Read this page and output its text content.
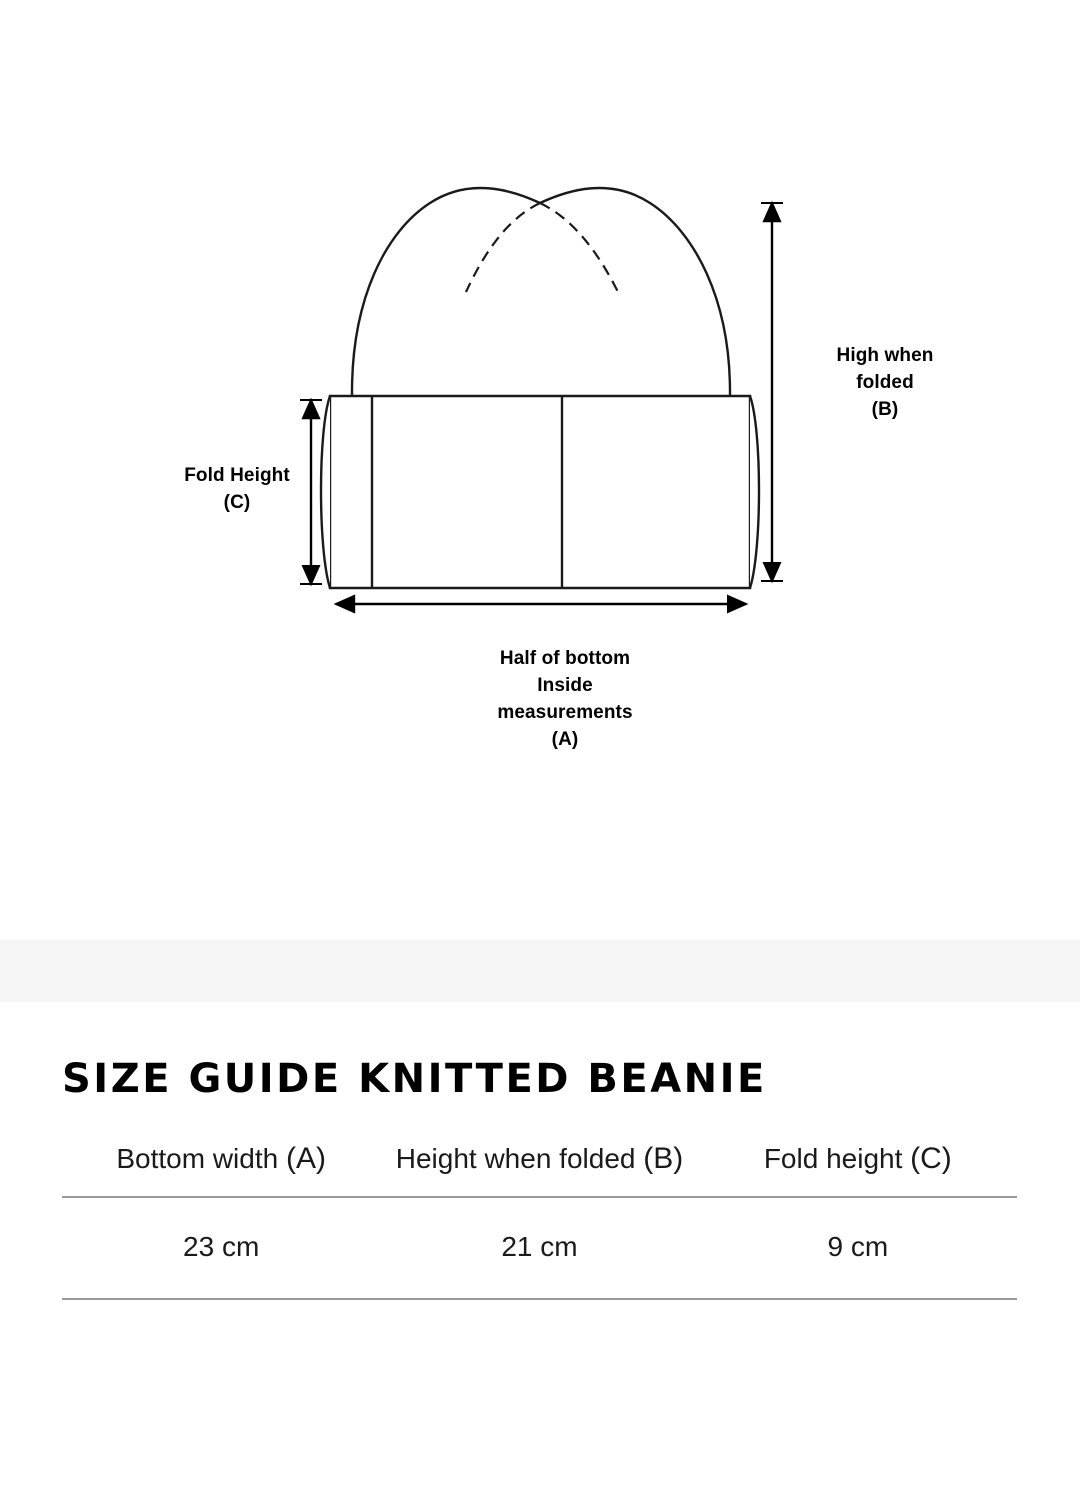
Fold Height
(C)
High when
folded
(B)
Half of bottom
Inside
measurements
(A)
SIZE GUIDE KNITTED BEANIE
Bottom width (A)	Height when folded (B)	Fold height (C)
23 cm	21 cm	9 cm
